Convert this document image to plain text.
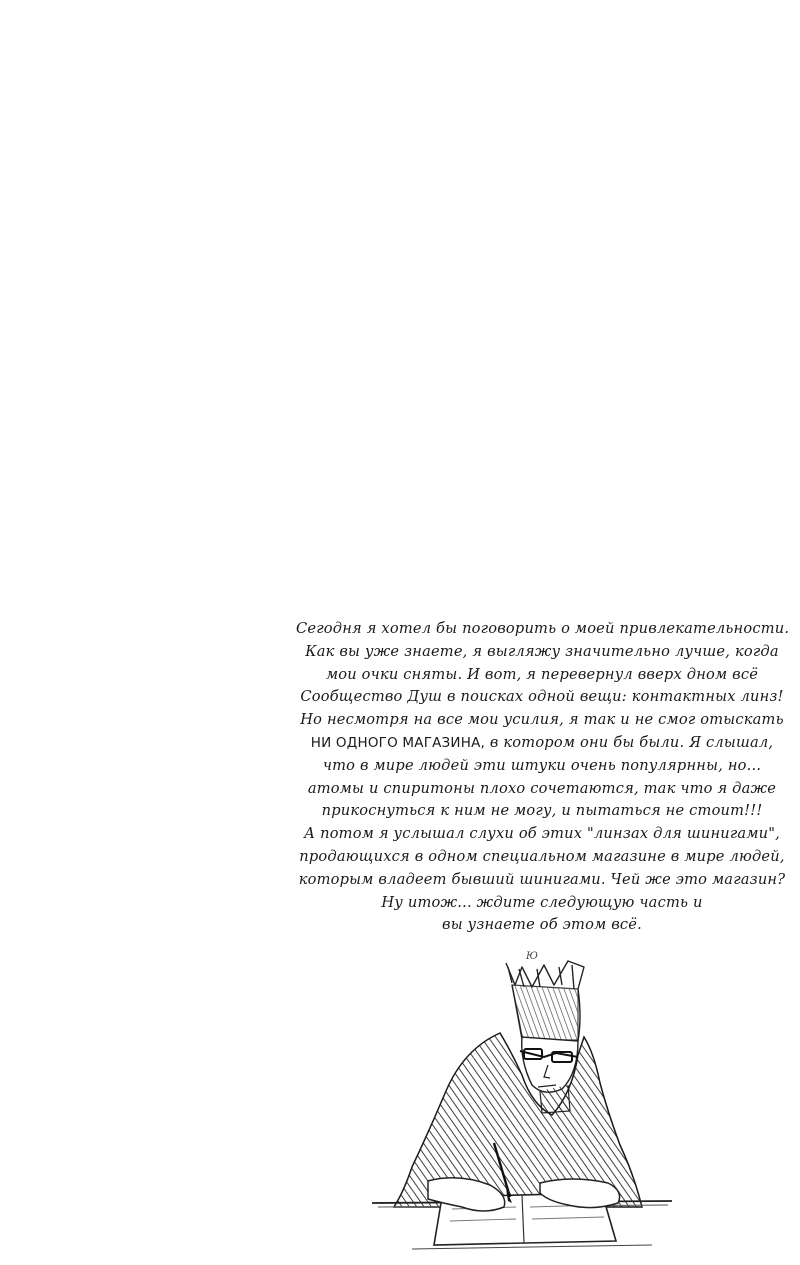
Сегодня я хотел бы поговорить о моей привлекательности.
Как вы уже знаете, я выгляжу значительно лучше, когда
мои очки сняты. И вот, я перевернул вверх дном всё
Сообщество Душ в поисках одной вещи: контактных линз!
Но несмотря на все мои усилия, я так и не смог отыскать
НИ ОДНОГО МАГАЗИНА, в котором они бы были. Я слышал,
что в мире людей эти штуки очень популярнны, но...
атомы и спиритоны плохо сочетаются, так что я даже
прикоснуться к ним не могу, и пытаться не стоит!!!
А потом я услышал слухи об этих "линзах для шинигами",
продающихся в одном специальном магазине в мире людей,
которым владеет бывший шинигами. Чей же это магазин?
Ну итож... ждите следующую часть и
вы узнаете об этом всё.
Ю
